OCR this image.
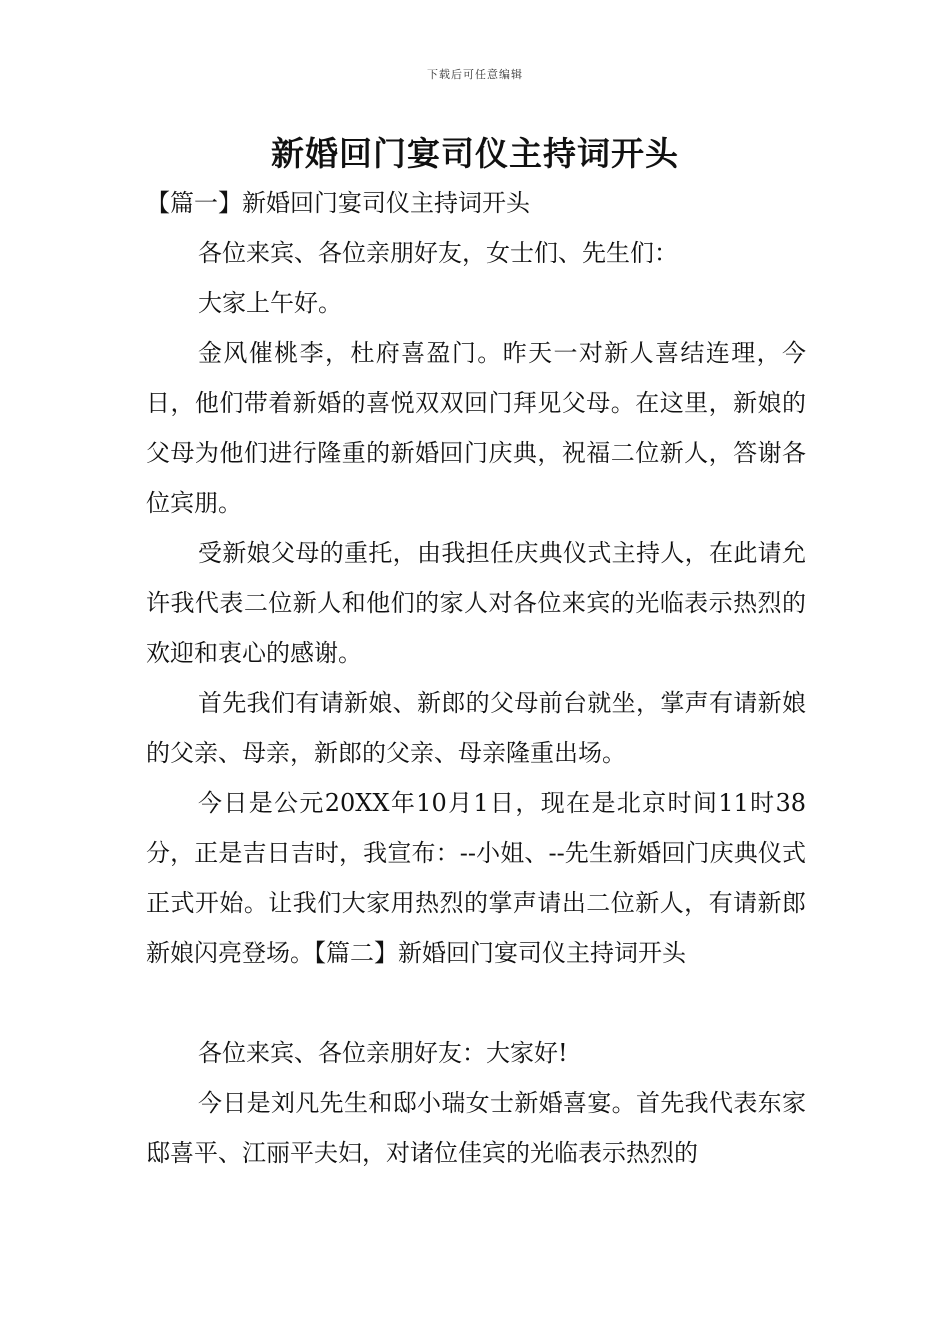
下载后可任意编辑
新婚回门宴司仪主持词开头

【篇一】新婚回门宴司仪主持词开头

各位来宾、各位亲朋好友，女士们、先生们：

大家上午好。

金风催桃李，杜府喜盈门。昨天一对新人喜结连理，今日，他们带着新婚的喜悦双双回门拜见父母。在这里，新娘的父母为他们进行隆重的新婚回门庆典，祝福二位新人，答谢各位宾朋。

受新娘父母的重托，由我担任庆典仪式主持人，在此请允许我代表二位新人和他们的家人对各位来宾的光临表示热烈的欢迎和衷心的感谢。

首先我们有请新娘、新郎的父母前台就坐，掌声有请新娘的父亲、母亲，新郎的父亲、母亲隆重出场。

今日是公元20XX年10月1日，现在是北京时间11时38分，正是吉日吉时，我宣布：--小姐、--先生新婚回门庆典仪式正式开始。让我们大家用热烈的掌声请出二位新人，有请新郎新娘闪亮登场。【篇二】新婚回门宴司仪主持词开头

各位来宾、各位亲朋好友：大家好!

今日是刘凡先生和邸小瑞女士新婚喜宴。首先我代表东家邸喜平、江丽平夫妇，对诸位佳宾的光临表示热烈的
